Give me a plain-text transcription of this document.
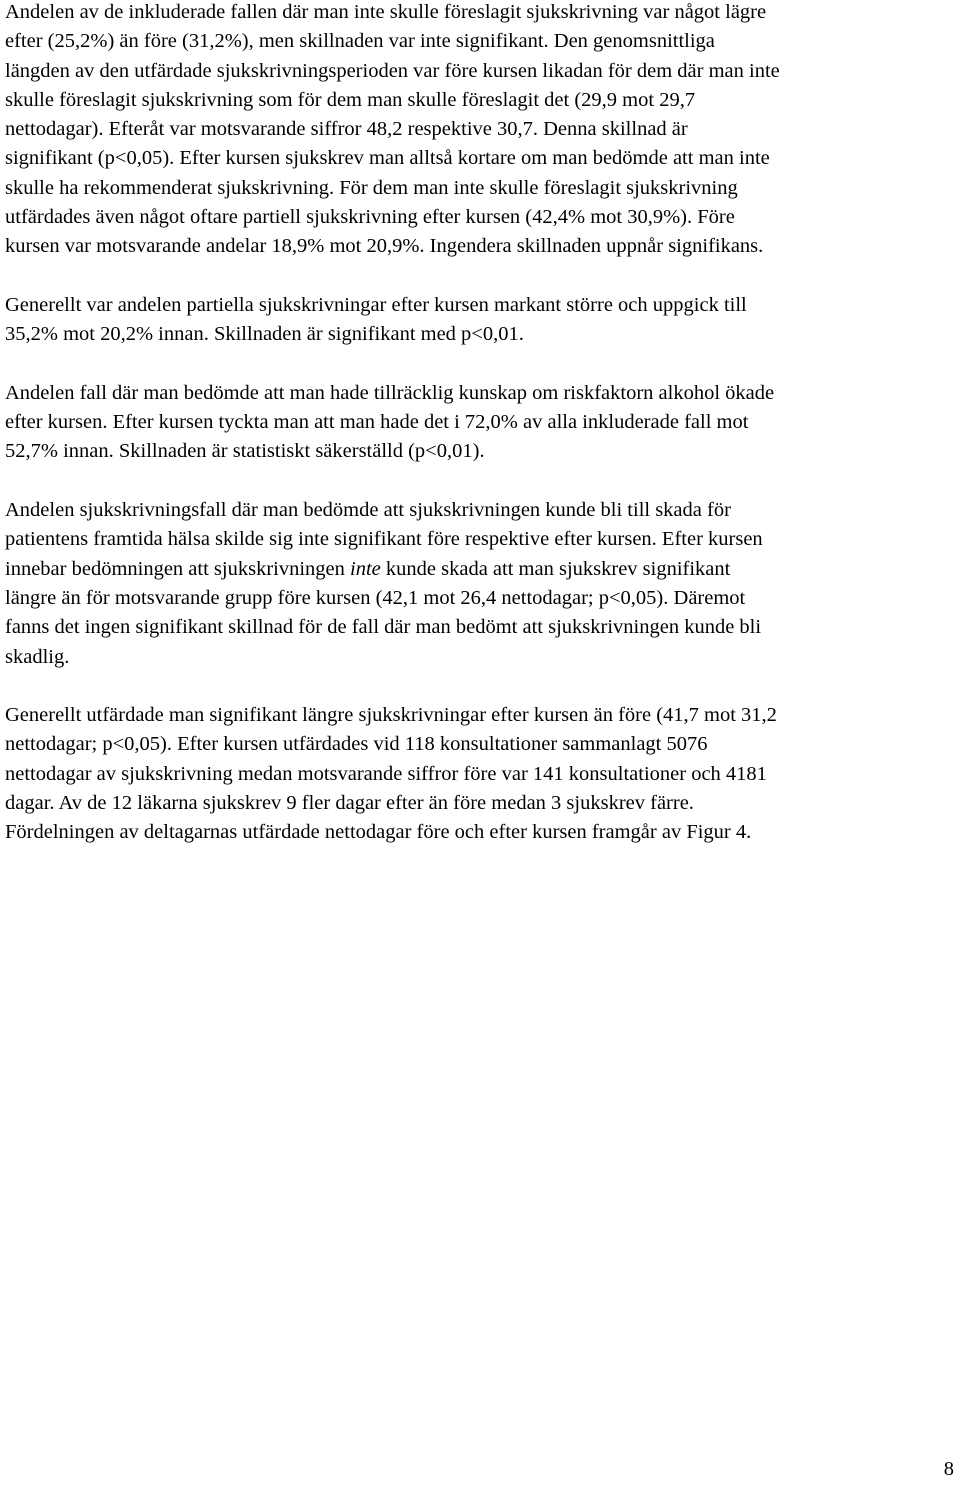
Andelen av de inkluderade fallen där man inte skulle föreslagit sjukskrivning var något lägre
efter (25,2%) än före (31,2%), men skillnaden var inte signifikant. Den genomsnittliga
längden av den utfärdade sjukskrivningsperioden var före kursen likadan för dem där man inte
skulle föreslagit sjukskrivning som för dem man skulle föreslagit det (29,9 mot 29,7
nettodagar). Efteråt var motsvarande siffror 48,2 respektive 30,7. Denna skillnad är
signifikant (p<0,05). Efter kursen sjukskrev man alltså kortare om man bedömde att man inte
skulle ha rekommenderat sjukskrivning. För dem man inte skulle föreslagit sjukskrivning
utfärdades även något oftare partiell sjukskrivning efter kursen (42,4% mot 30,9%). Före
kursen var motsvarande andelar 18,9% mot 20,9%. Ingendera skillnaden uppnår signifikans.

Generellt var andelen partiella sjukskrivningar efter kursen markant större och uppgick till
35,2% mot 20,2% innan. Skillnaden är signifikant med p<0,01.

Andelen fall där man bedömde att man hade tillräcklig kunskap om riskfaktorn alkohol ökade
efter kursen. Efter kursen tyckta man att man hade det i 72,0% av alla inkluderade fall mot
52,7% innan. Skillnaden är statistiskt säkerställd (p<0,01).

Andelen sjukskrivningsfall där man bedömde att sjukskrivningen kunde bli till skada för
patientens framtida hälsa skilde sig inte signifikant före respektive efter kursen. Efter kursen
innebar bedömningen att sjukskrivningen inte kunde skada att man sjukskrev signifikant
längre än för motsvarande grupp före kursen (42,1 mot 26,4 nettodagar; p<0,05). Däremot
fanns det ingen signifikant skillnad för de fall där man bedömt att sjukskrivningen kunde bli
skadlig.

Generellt utfärdade man signifikant längre sjukskrivningar efter kursen än före (41,7 mot 31,2
nettodagar; p<0,05). Efter kursen utfärdades vid 118 konsultationer sammanlagt 5076
nettodagar av sjukskrivning medan motsvarande siffror före var 141 konsultationer och 4181
dagar. Av de 12 läkarna sjukskrev 9 fler dagar efter än före medan 3 sjukskrev färre.
Fördelningen av deltagarnas utfärdade nettodagar före och efter kursen framgår av Figur 4.

8
